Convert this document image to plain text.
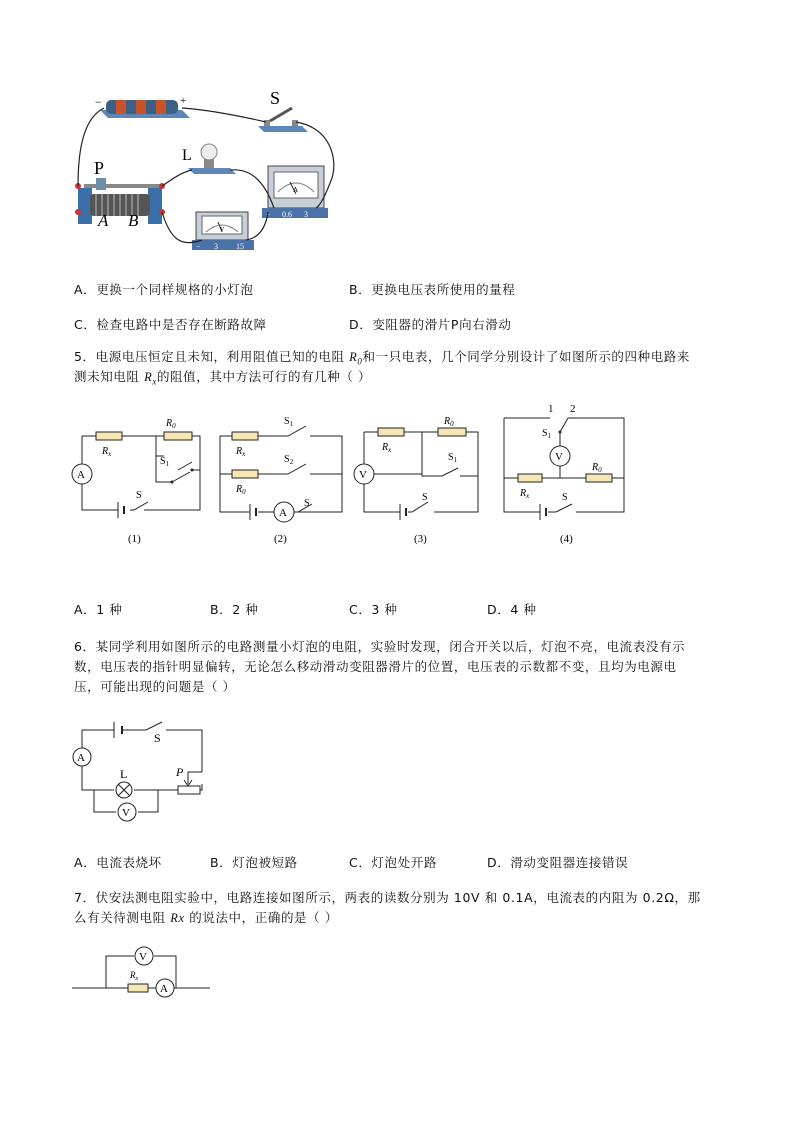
−	+	S
L
P
A B
A
− 0.6 3
V
− 3 15
A．更换一个同样规格的小灯泡	B．更换电压表所使用的量程
C．检查电路中是否存在断路故障	D．变阻器的滑片P向右滑动
5．电源电压恒定且未知，利用阻值已知的电阻 $R_0$和一只电表，几个同学分别设计了如图所示的四种电路来
测未知电阻 $R_x$的阻值，其中方法可行的有几种（ ）
A
$R_x$
$R_0$
$S_1$
S
(1)
A
$R_x$
$R_0$
$S_1$
$S_2$
S
(2)
V
$R_x$
$R_0$
$S_1$
S
(3)
V
1 2
$S_1$
$R_x$
$R_0$
S
(4)
A．1 种	B．2 种	C．3 种	D．4 种
6．某同学利用如图所示的电路测量小灯泡的电阻，实验时发现，闭合开关以后，灯泡不亮，电流表没有示
数，电压表的指针明显偏转，无论怎么移动滑动变阻器滑片的位置，电压表的示数都不变，且均为电源电
压，可能出现的问题是（ ）
A
V
S
L	P
A．电流表烧坏	B．灯泡被短路	C．灯泡处开路	D．滑动变阻器连接错误
7．伏安法测电阻实验中，电路连接如图所示，两表的读数分别为 10V 和 0.1A，电流表的内阻为 0.2Ω，那
么有关待测电阻 Rx 的说法中，正确的是（ ）
V
A
$R_x$
